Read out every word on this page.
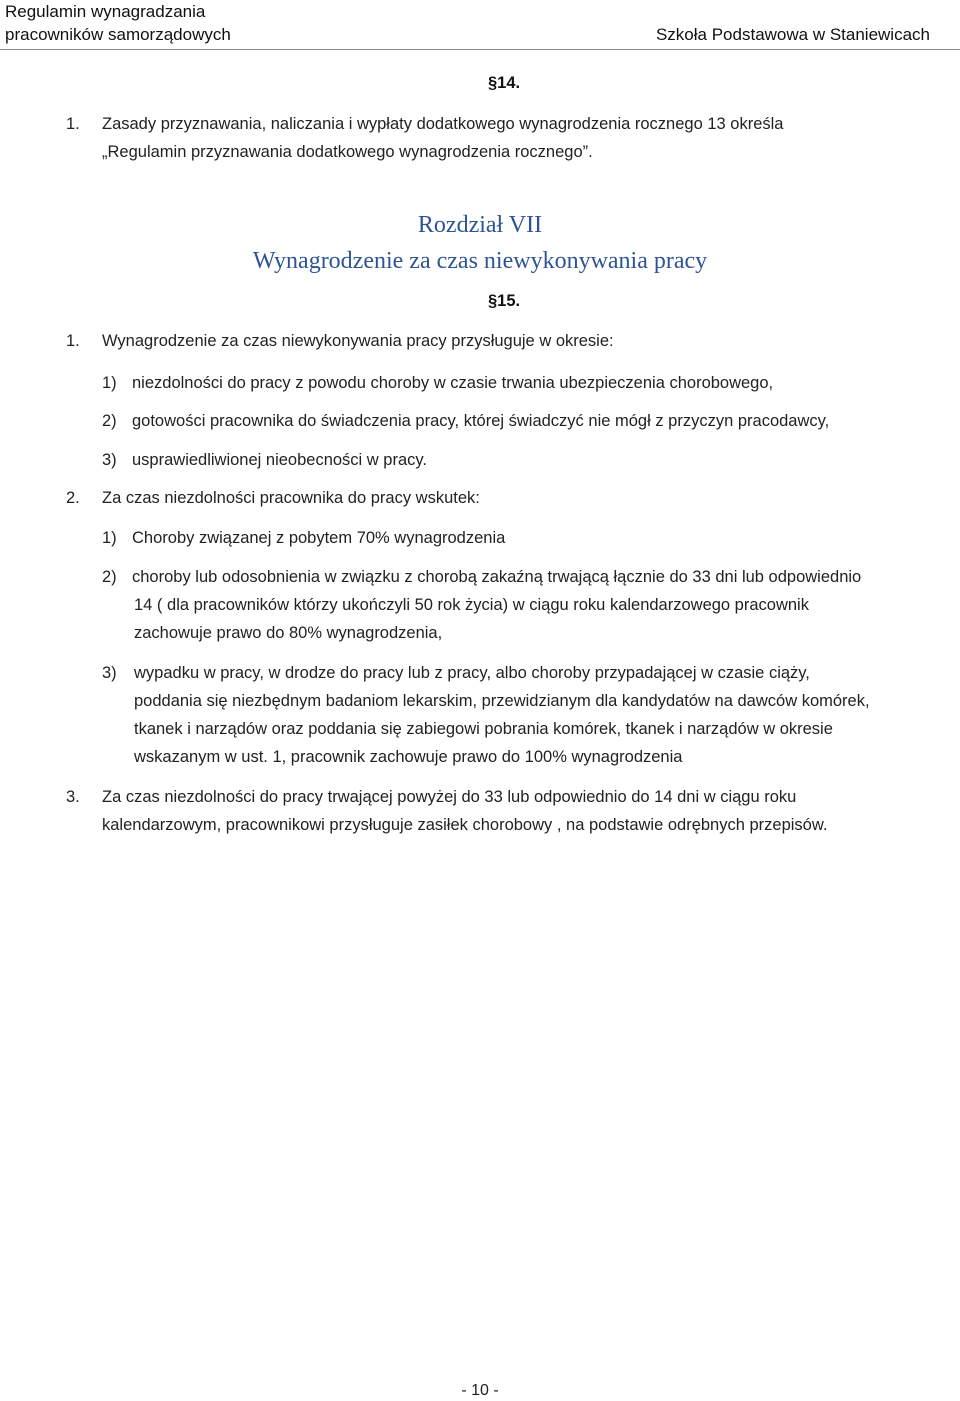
Regulamin wynagradzania
pracowników samorządowych	Szkoła Podstawowa w Staniewicach
§14.
1. Zasady przyznawania, naliczania i wypłaty dodatkowego wynagrodzenia rocznego 13 określa
„Regulamin przyznawania dodatkowego wynagrodzenia rocznego”.
Rozdział VII
Wynagrodzenie za czas niewykonywania pracy
§15.
1. Wynagrodzenie za czas niewykonywania pracy przysługuje w okresie:
1) niezdolności do pracy z powodu choroby w czasie trwania ubezpieczenia chorobowego,
2) gotowości pracownika do świadczenia pracy, której świadczyć nie mógł z przyczyn pracodawcy,
3) usprawiedliwionej nieobecności w pracy.
2. Za czas niezdolności pracownika do pracy wskutek:
1) Choroby związanej z pobytem 70% wynagrodzenia
2) choroby lub odosobnienia w związku z chorobą zakaźną trwającą łącznie do 33 dni lub odpowiednio
14 ( dla pracowników którzy ukończyli 50 rok życia) w ciągu roku kalendarzowego pracownik
zachowuje prawo do 80% wynagrodzenia,
3) wypadku w pracy, w drodze do pracy lub z pracy, albo choroby przypadającej w czasie ciąży,
poddania się niezbędnym badaniom lekarskim, przewidzianym dla kandydatów na dawców komórek,
tkanek i narządów oraz poddania się zabiegowi pobrania komórek, tkanek i narządów w okresie
wskazanym w ust. 1, pracownik zachowuje prawo do 100% wynagrodzenia
3. Za czas niezdolności do pracy trwającej powyżej do 33 lub odpowiednio do 14 dni w ciągu roku
kalendarzowym, pracownikowi przysługuje zasiłek chorobowy , na podstawie odrębnych przepisów.
- 10 -
